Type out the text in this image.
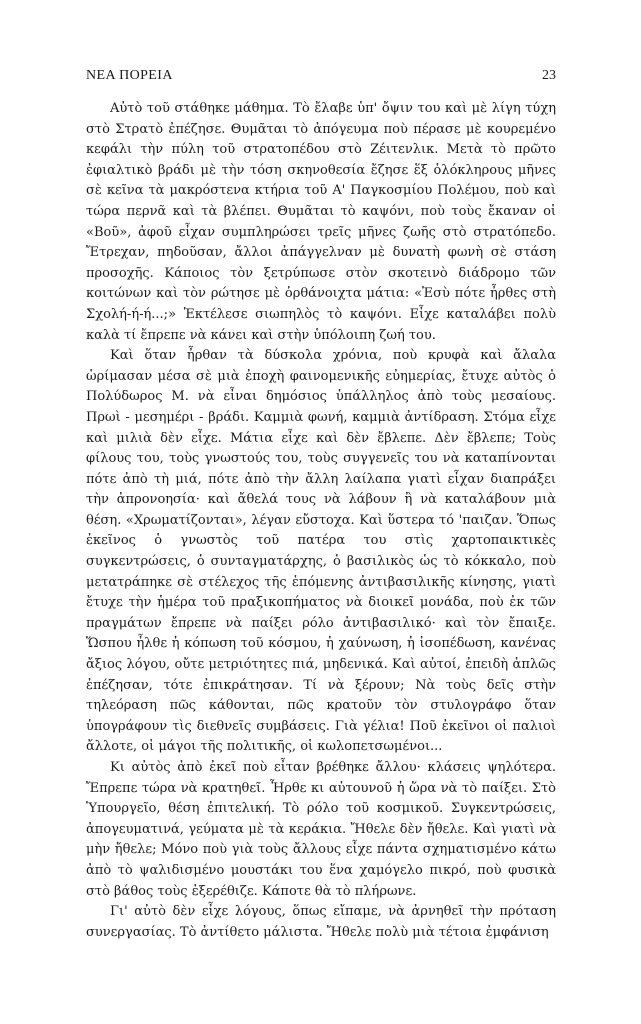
ΝΕΑ ΠΟΡΕΙΑ	23

Αὐτὸ τοῦ στάθηκε μάθημα. Τὸ ἔλαβε ὑπ' ὄψιν του καὶ μὲ λίγη τύχη στὸ Στρατὸ ἐπέζησε. Θυμᾶται τὸ ἀπόγευμα ποὺ πέρασε μὲ κουρεμένο κεφάλι τὴν πύλη τοῦ στρατοπέδου στὸ Ζέιτενλικ. Μετὰ τὸ πρῶτο ἐφιαλτικὸ βράδι μὲ τὴν τόση σκηνοθεσία ἔζησε ἕξ ὁλόκληρους μῆνες σὲ κεῖνα τὰ μακρόστενα κτήρια τοῦ Α' Παγκοσμίου Πολέμου, ποὺ καὶ τώρα περνᾶ καὶ τὰ βλέπει. Θυμᾶται τὸ καψόνι, ποὺ τοὺς ἔκαναν οἱ «Βοῦ», ἀφοῦ εἶχαν συμπληρώσει τρεῖς μῆνες ζωῆς στὸ στρατόπεδο. Ἔτρεχαν, πηδοῦσαν, ἄλλοι ἀπάγγελναν μὲ δυνατὴ φωνὴ σὲ στάση προσοχῆς. Κάποιος τὸν ξετρύπωσε στὸν σκοτεινὸ διάδρομο τῶν κοιτώνων καὶ τὸν ρώτησε μὲ ὀρθάνοιχτα μάτια: «Ἐσὺ πότε ἦρθες στὴ Σχολή-ή-ή...;» Ἐκτέλεσε σιωπηλὸς τὸ καψόνι. Εἶχε καταλάβει πολὺ καλὰ τί ἔπρεπε νὰ κάνει καὶ στὴν ὑπόλοιπη ζωή του.

Καὶ ὅταν ἦρθαν τὰ δύσκολα χρόνια, ποὺ κρυφὰ καὶ ἄλαλα ὡρίμασαν μέσα σὲ μιὰ ἐποχὴ φαινομενικῆς εὐημερίας, ἔτυχε αὐτὸς ὁ Πολύδωρος Μ. νὰ εἶναι δημόσιος ὑπάλληλος ἀπὸ τοὺς μεσαίους. Πρωὶ - μεσημέρι - βράδι. Καμμιὰ φωνή, καμμιὰ ἀντίδραση. Στόμα εἶχε καὶ μιλιὰ δὲν εἶχε. Μάτια εἶχε καὶ δὲν ἔβλεπε. Δὲν ἔβλεπε; Τοὺς φίλους του, τοὺς γνωστούς του, τοὺς συγγενεῖς του νὰ καταπίνονται πότε ἀπὸ τὴ μιά, πότε ἀπὸ τὴν ἄλλη λαίλαπα γιατὶ εἶχαν διαπράξει τὴν ἀπρονοησία· καὶ ἄθελά τους νὰ λάβουν ἢ νὰ καταλάβουν μιὰ θέση. «Χρωματίζονται», λέγαν εὔστοχα. Καὶ ὕστερα τό 'παιζαν. Ὅπως ἐκεῖνος ὁ γνωστὸς τοῦ πατέρα του στὶς χαρτοπαικτικὲς συγκεντρώσεις, ὁ συνταγματάρχης, ὁ βασιλικὸς ὡς τὸ κόκκαλο, ποὺ μετατράπηκε σὲ στέλεχος τῆς ἑπόμενης ἀντιβασιλικῆς κίνησης, γιατὶ ἔτυχε τὴν ἡμέρα τοῦ πραξικοπήματος νὰ διοικεῖ μονάδα, ποὺ ἐκ τῶν πραγμάτων ἔπρεπε νὰ παίξει ρόλο ἀντιβασιλικό· καὶ τὸν ἔπαιξε. Ὥσπου ἦλθε ἡ κόπωση τοῦ κόσμου, ἡ χαύνωση, ἡ ἰσοπέδωση, κανένας ἄξιος λόγου, οὔτε μετριότητες πιά, μηδενικά. Καὶ αὐτοί, ἐπειδὴ ἁπλῶς ἐπέζησαν, τότε ἐπικράτησαν. Τί νὰ ξέρουν; Νὰ τοὺς δεῖς στὴν τηλεόραση πῶς κάθονται, πῶς κρατοῦν τὸν στυλογράφο ὅταν ὑπογράφουν τὶς διεθνεῖς συμβάσεις. Γιὰ γέλια! Ποῦ ἐκεῖνοι οἱ παλιοὶ ἄλλοτε, οἱ μάγοι τῆς πολιτικῆς, οἱ κωλοπετσωμένοι...

Κι αὐτὸς ἀπὸ ἐκεῖ ποὺ εἶταν βρέθηκε ἄλλου· κλάσεις ψηλότερα. Ἔπρεπε τώρα νὰ κρατηθεῖ. Ἦρθε κι αὐτουνοῦ ἡ ὥρα νὰ τὸ παίξει. Στὸ Ὑπουργεῖο, θέση ἐπιτελική. Τὸ ρόλο τοῦ κοσμικοῦ. Συγκεντρώσεις, ἀπογευματινά, γεύματα μὲ τὰ κεράκια. Ἤθελε δὲν ἤθελε. Καὶ γιατὶ νὰ μὴν ἤθελε; Μόνο ποὺ γιὰ τοὺς ἄλλους εἶχε πάντα σχηματισμένο κάτω ἀπὸ τὸ ψαλιδισμένο μουστάκι του ἕνα χαμόγελο πικρό, ποὺ φυσικὰ στὸ βάθος τοὺς ἐξερέθιζε. Κάποτε θὰ τὸ πλήρωνε.

Γι' αὐτὸ δὲν εἶχε λόγους, ὅπως εἴπαμε, νὰ ἀρνηθεῖ τὴν πρόταση συνεργασίας. Τὸ ἀντίθετο μάλιστα. Ἤθελε πολὺ μιὰ τέτοια ἐμφάνιση
